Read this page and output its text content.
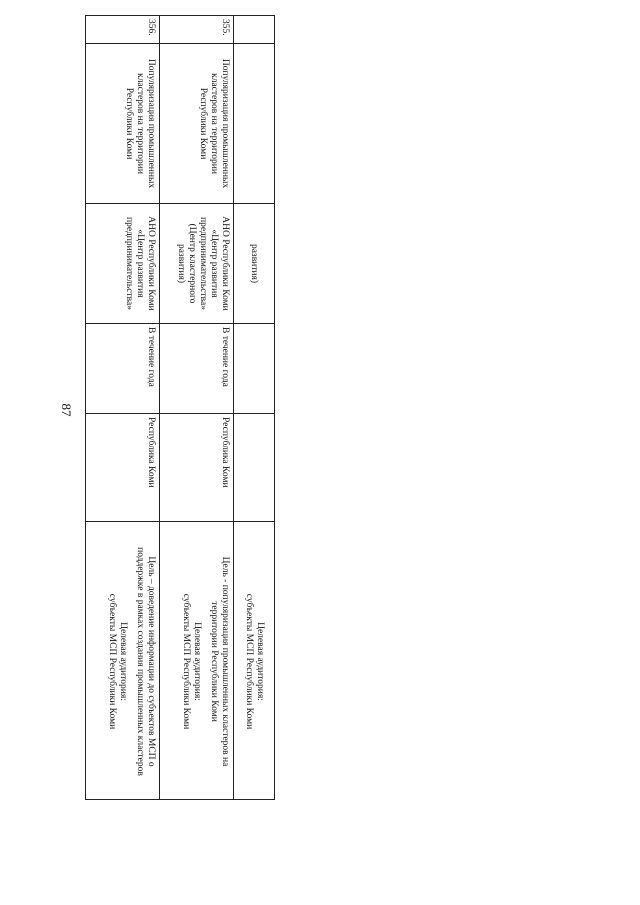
87
развития)
Целевая аудитория:
субъекты МСП Республики Коми
355.
Популяризация промышленных
кластеров на территории
Республики Коми
АНО Республики Коми
«Центр развития
предпринимательства»
(Центр кластерного
развития)
В течение года
Республика Коми

Цель - популяризация промышленных кластеров на
территории Республики Коми

Целевая аудитория:
субъекты МСП Республики Коми

356.
Популяризация промышленных
кластеров на территории
Республики Коми
АНО Республики Коми
«Центр развития
предпринимательства»
В течение года
Республика Коми

Цель – доведение информации до субъектов МСП о
поддержке в рамках создания промышленных кластеров

Целевая аудитория:
субъекты МСП Республики Коми
